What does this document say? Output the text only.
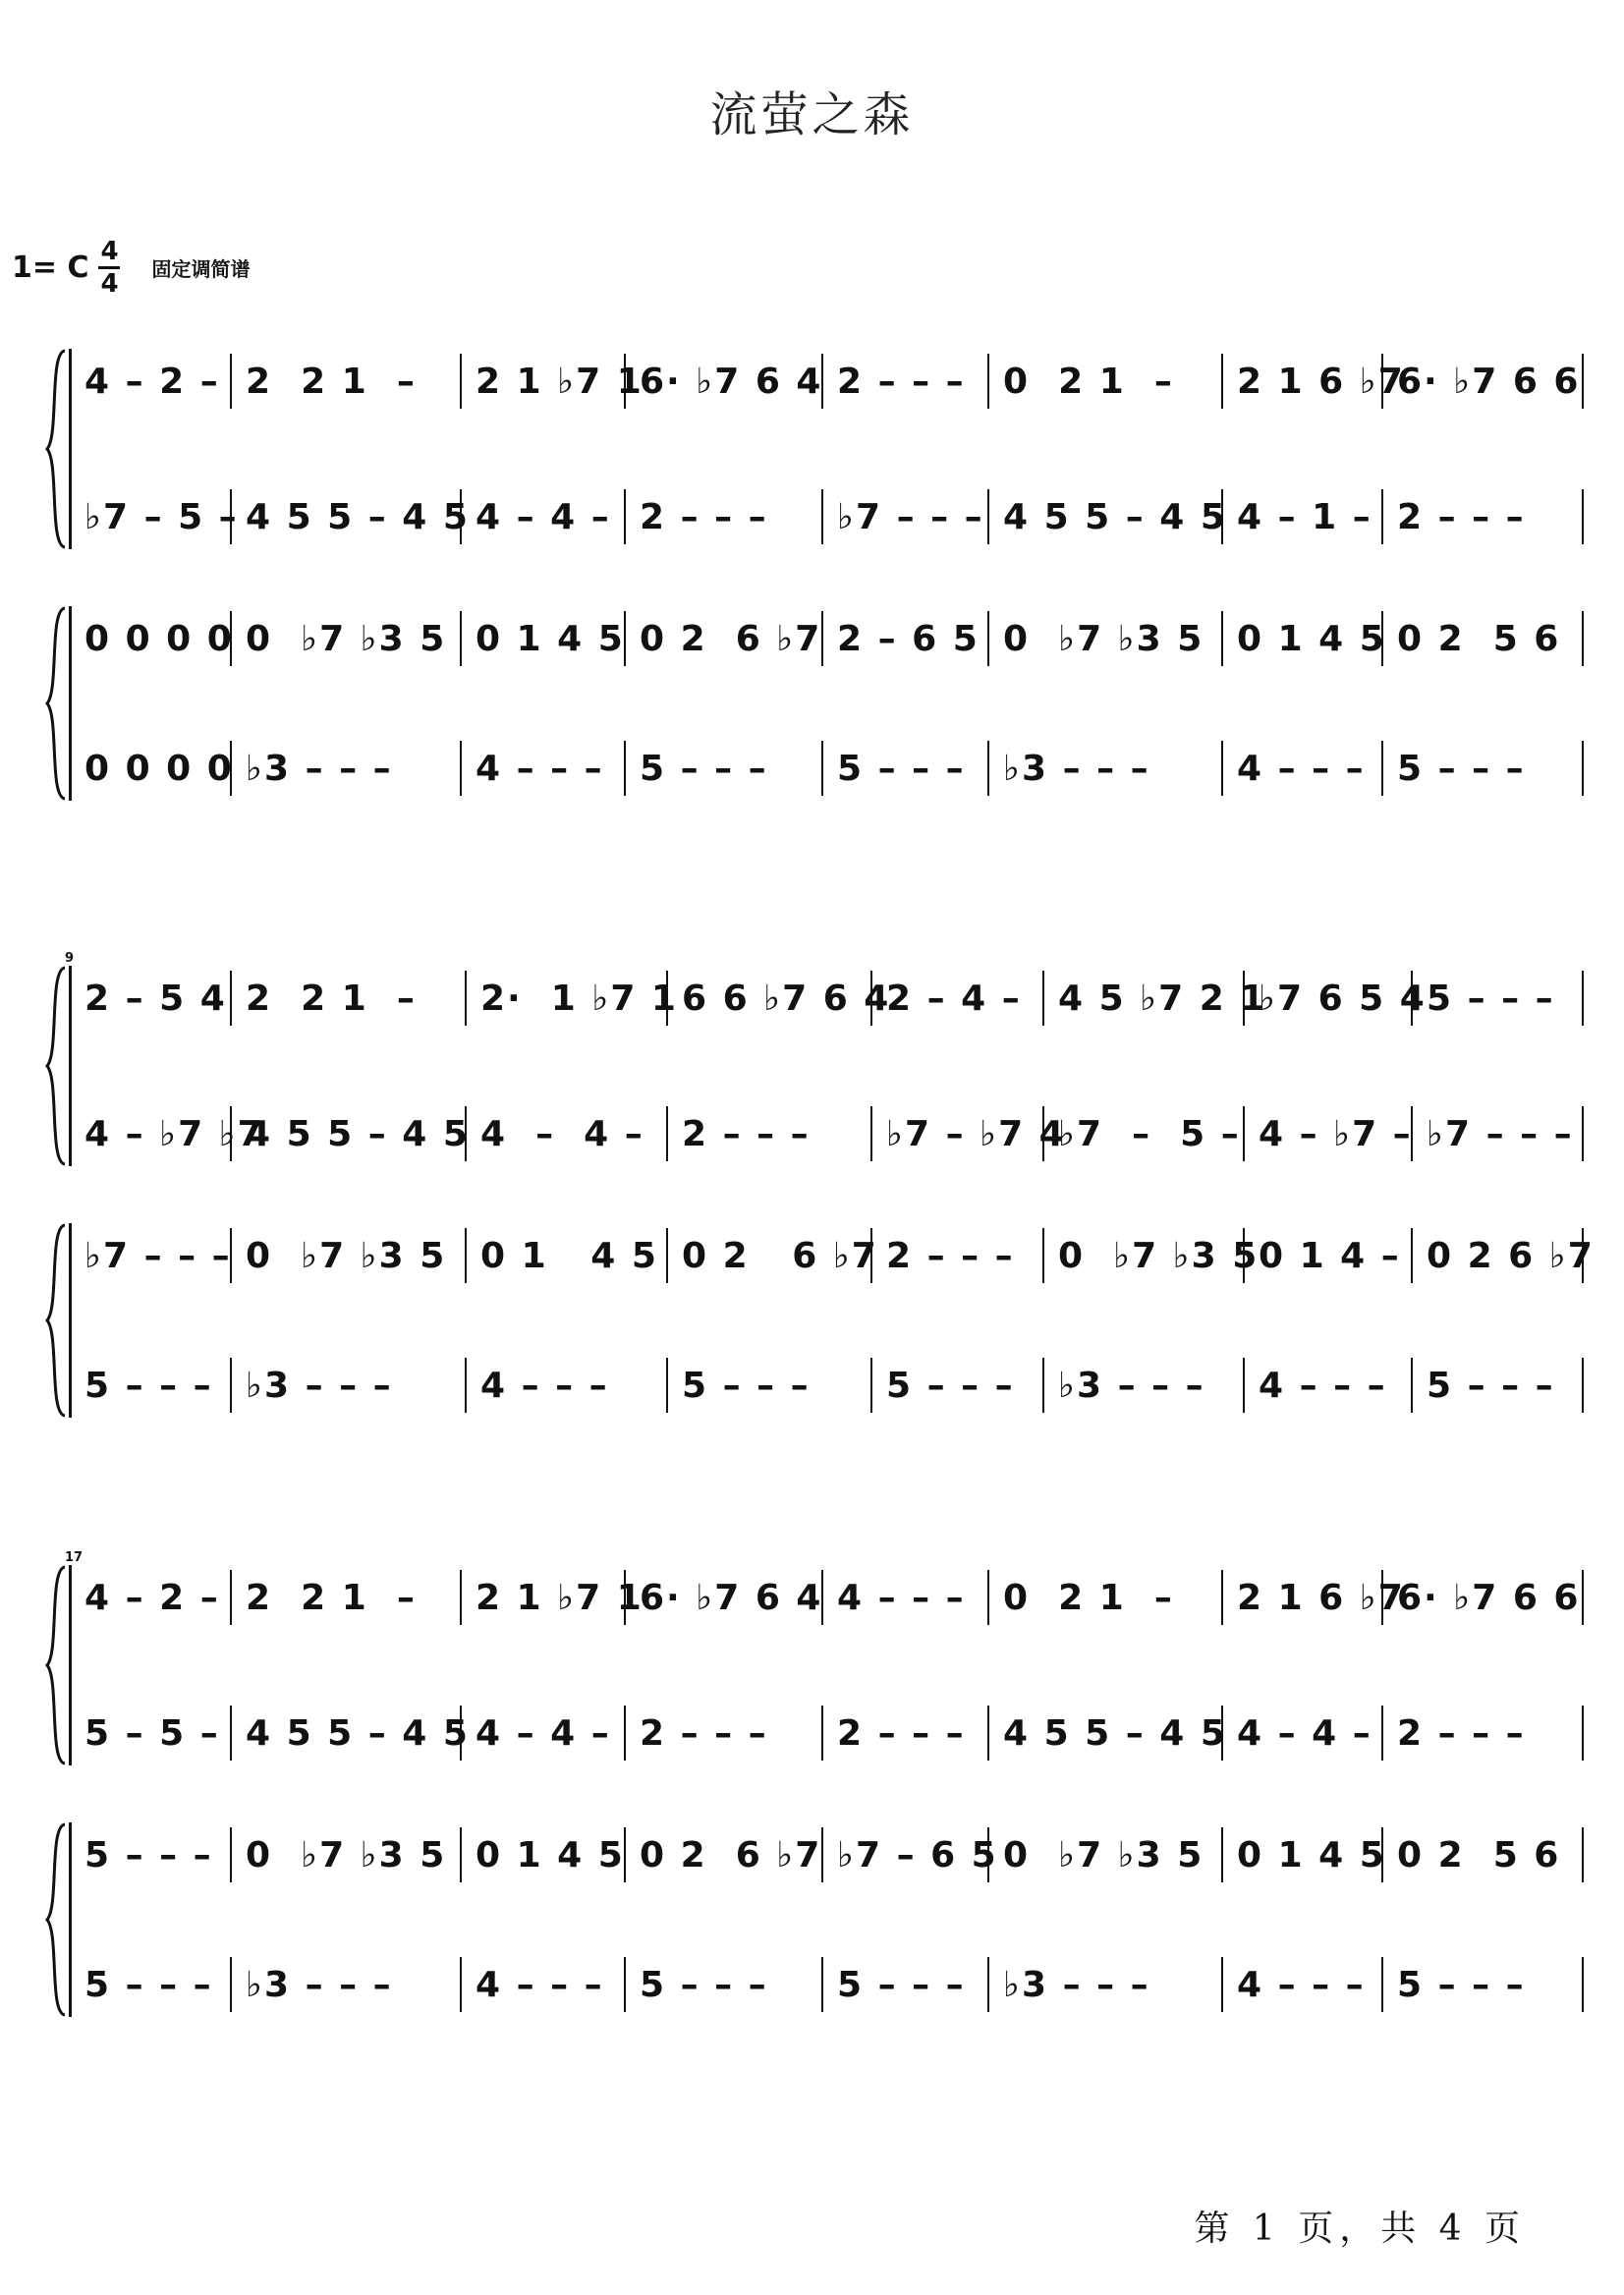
流萤之森
1= C 4
4 固定调简谱
4 – 2 – 2  2 1  – 2 1 ♭7 1
6· ♭7 6 4 2 – – – 0  2 1  – 2 1 6 ♭7
6· ♭7 6 6
♭7 – 5 – 4 5 5 – 4 5 4 – 4 – 2 – – – ♭7 – – – 4 5 5 – 4 5 4 – 1 – 2 – – –
0 0 0 0 0  ♭7 ♭3 5 0 1 4 5 0 2  6 ♭7 2 – 6 5 0  ♭7 ♭3 5 0 1 4 5 0 2  5 6
0 0 0 0 ♭3 – – – 4 – – – 5 – – – 5 – – – ♭3 – – – 4 – – – 5 – – –
9
2 – 5 4 2  2 1  – 2·  1 ♭7 1 6 6 ♭7 6 4
2 – 4 – 4 5 ♭7 2 1
♭7 6 5 4 5 – – –
4 – ♭7 ♭7
4 5 5 – 4 5 4  –  4 – 2 – – – ♭7 – ♭7 4
♭7  –  5 – 4 – ♭7 – ♭7 – – –
♭7 – – – 0  ♭7 ♭3 5 0 1   4 5 0 2   6 ♭7 2 – – – 0  ♭7 ♭3 5 0 1 4 – 0 2 6 ♭7
5 – – – ♭3 – – – 4 – – – 5 – – – 5 – – – ♭3 – – – 4 – – – 5 – – –
17
4 – 2 – 2  2 1  – 2 1 ♭7 1
6· ♭7 6 4 4 – – – 0  2 1  – 2 1 6 ♭7
6· ♭7 6 6
5 – 5 – 4 5 5 – 4 5 4 – 4 – 2 – – – 2 – – – 4 5 5 – 4 5 4 – 4 – 2 – – –
5 – – – 0  ♭7 ♭3 5 0 1 4 5 0 2  6 ♭7 ♭7 – 6 5 0  ♭7 ♭3 5 0 1 4 5 0 2  5 6
5 – – – ♭3 – – – 4 – – – 5 – – – 5 – – – ♭3 – – – 4 – – – 5 – – –
第 1 页，共 4 页
